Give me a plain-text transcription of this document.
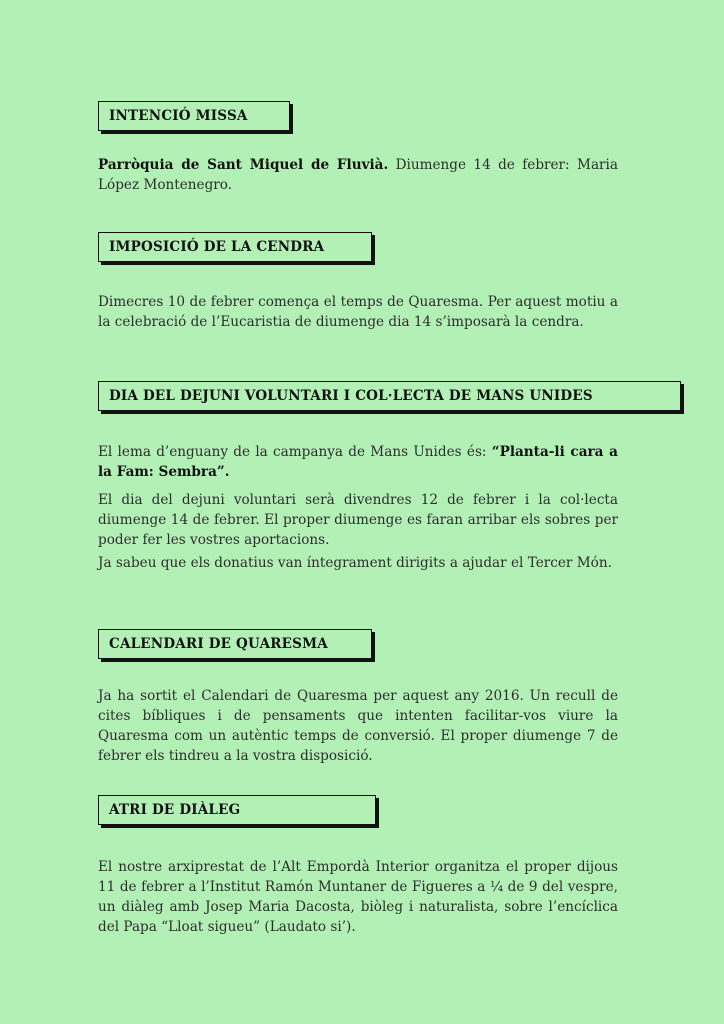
INTENCIÓ MISSA

Parròquia de Sant Miquel de Fluvià. Diumenge 14 de febrer: Maria López Montenegro.

IMPOSICIÓ DE LA CENDRA

Dimecres 10 de febrer comença el temps de Quaresma. Per aquest motiu a la celebració de l’Eucaristia de diumenge dia 14 s’imposarà la cendra.

DIA DEL DEJUNI VOLUNTARI I COL·LECTA DE MANS UNIDES

El lema d’enguany de la campanya de Mans Unides és: “Planta-li cara a la Fam: Sembra”.

El dia del dejuni voluntari serà divendres 12 de febrer i la col·lecta diumenge 14 de febrer. El proper diumenge es faran arribar els sobres per poder fer les vostres aportacions.

Ja sabeu que els donatius van íntegrament dirigits a ajudar el Tercer Món.

CALENDARI DE QUARESMA

Ja ha sortit el Calendari de Quaresma per aquest any 2016. Un recull de cites bíbliques i de pensaments que intenten facilitar-vos viure la Quaresma com un autèntic temps de conversió. El proper diumenge 7 de febrer els tindreu a la vostra disposició.

ATRI DE DIÀLEG

El nostre arxiprestat de l’Alt Empordà Interior organitza el proper dijous 11 de febrer a l’Institut Ramón Muntaner de Figueres a ¼ de 9 del vespre, un diàleg amb Josep Maria Dacosta, biòleg i naturalista, sobre l’encíclica del Papa “Lloat sigueu” (Laudato si’).
